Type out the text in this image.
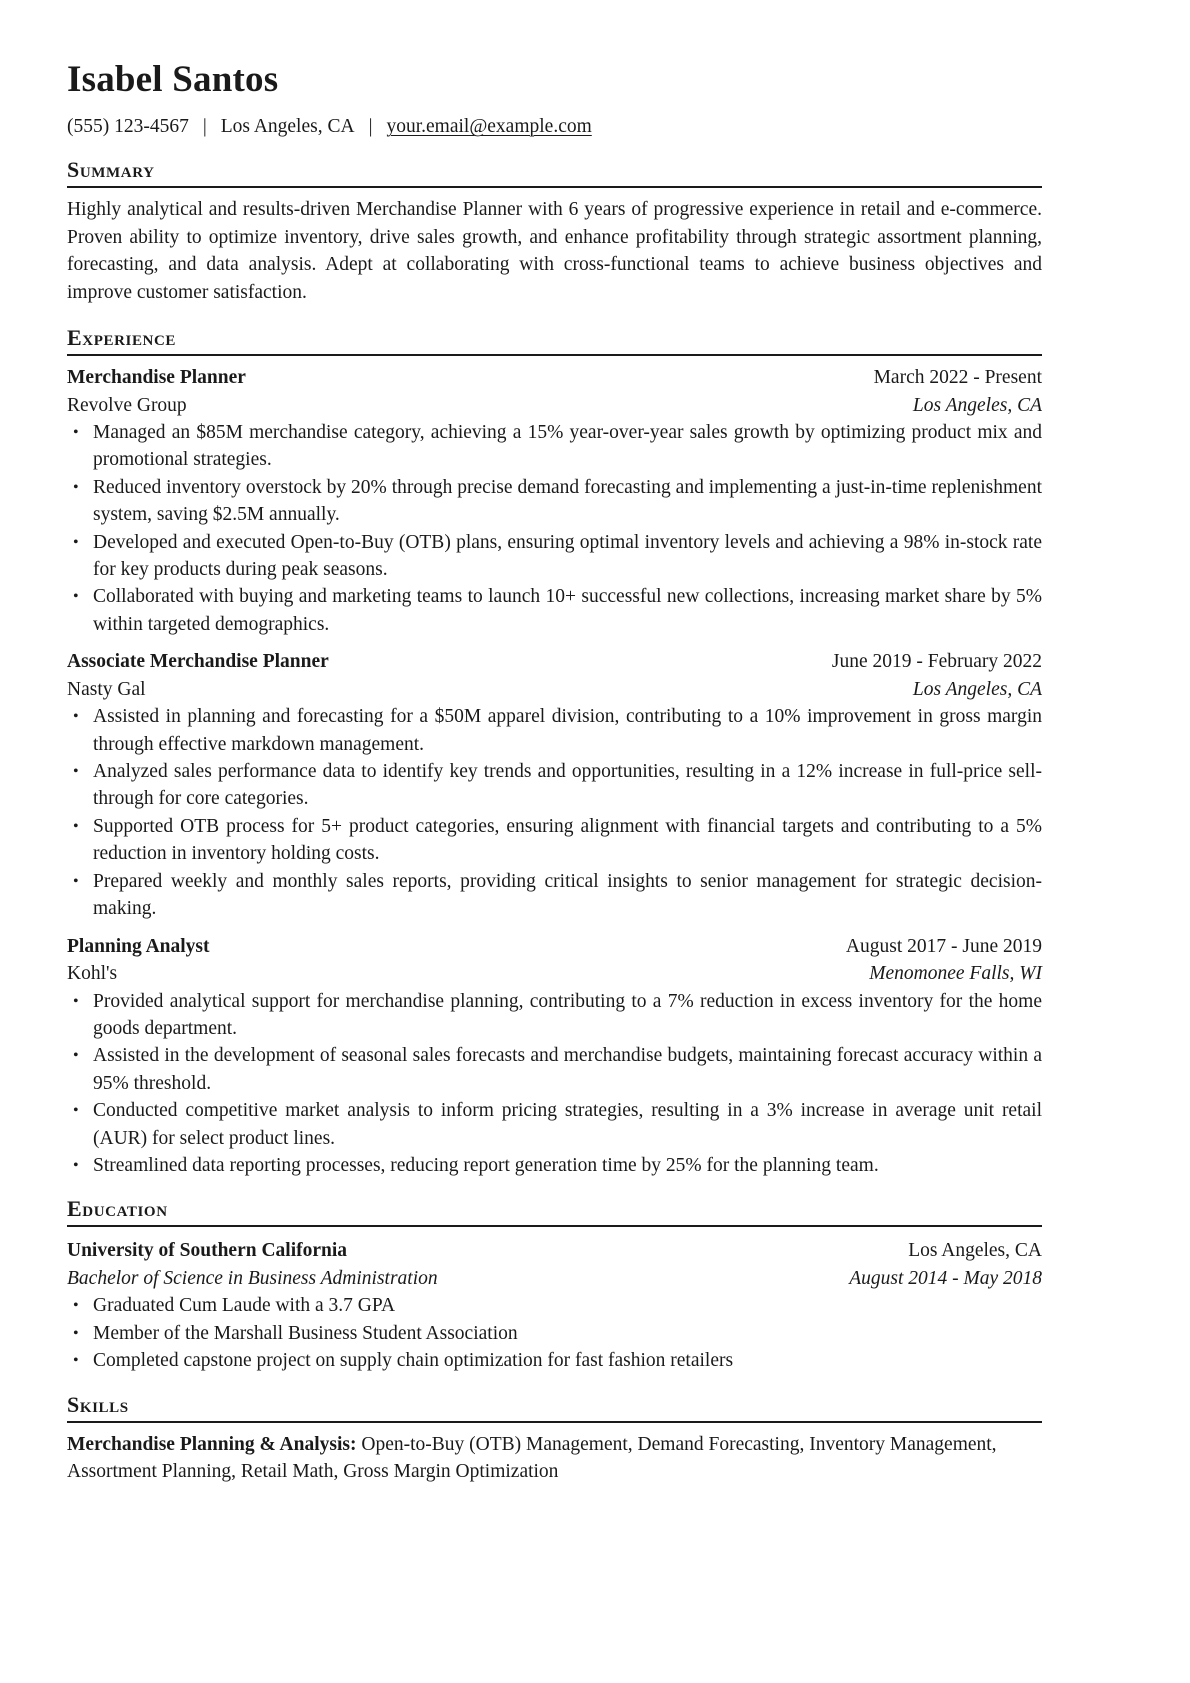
Isabel Santos
(555) 123-4567 | Los Angeles, CA | your.email@example.com
Summary
Highly analytical and results-driven Merchandise Planner with 6 years of progressive experience in retail and e-commerce. Proven ability to optimize inventory, drive sales growth, and enhance profitability through strategic assortment planning, forecasting, and data analysis. Adept at collaborating with cross-functional teams to achieve business objectives and improve customer satisfaction.
Experience
Merchandise Planner	March 2022 - Present
Revolve Group	Los Angeles, CA
• Managed an $85M merchandise category, achieving a 15% year-over-year sales growth by optimizing product mix and promotional strategies.
• Reduced inventory overstock by 20% through precise demand forecasting and implementing a just-in-time replenishment system, saving $2.5M annually.
• Developed and executed Open-to-Buy (OTB) plans, ensuring optimal inventory levels and achieving a 98% in-stock rate for key products during peak seasons.
• Collaborated with buying and marketing teams to launch 10+ successful new collections, increasing market share by 5% within targeted demographics.
Associate Merchandise Planner	June 2019 - February 2022
Nasty Gal	Los Angeles, CA
• Assisted in planning and forecasting for a $50M apparel division, contributing to a 10% improvement in gross margin through effective markdown management.
• Analyzed sales performance data to identify key trends and opportunities, resulting in a 12% increase in full-price sell-through for core categories.
• Supported OTB process for 5+ product categories, ensuring alignment with financial targets and contributing to a 5% reduction in inventory holding costs.
• Prepared weekly and monthly sales reports, providing critical insights to senior management for strategic decision-making.
Planning Analyst	August 2017 - June 2019
Kohl's	Menomonee Falls, WI
• Provided analytical support for merchandise planning, contributing to a 7% reduction in excess inventory for the home goods department.
• Assisted in the development of seasonal sales forecasts and merchandise budgets, maintaining forecast accuracy within a 95% threshold.
• Conducted competitive market analysis to inform pricing strategies, resulting in a 3% increase in average unit retail (AUR) for select product lines.
• Streamlined data reporting processes, reducing report generation time by 25% for the planning team.
Education
University of Southern California	Los Angeles, CA
Bachelor of Science in Business Administration	August 2014 - May 2018
• Graduated Cum Laude with a 3.7 GPA
• Member of the Marshall Business Student Association
• Completed capstone project on supply chain optimization for fast fashion retailers
Skills
Merchandise Planning & Analysis: Open-to-Buy (OTB) Management, Demand Forecasting, Inventory Management, Assortment Planning, Retail Math, Gross Margin Optimization
